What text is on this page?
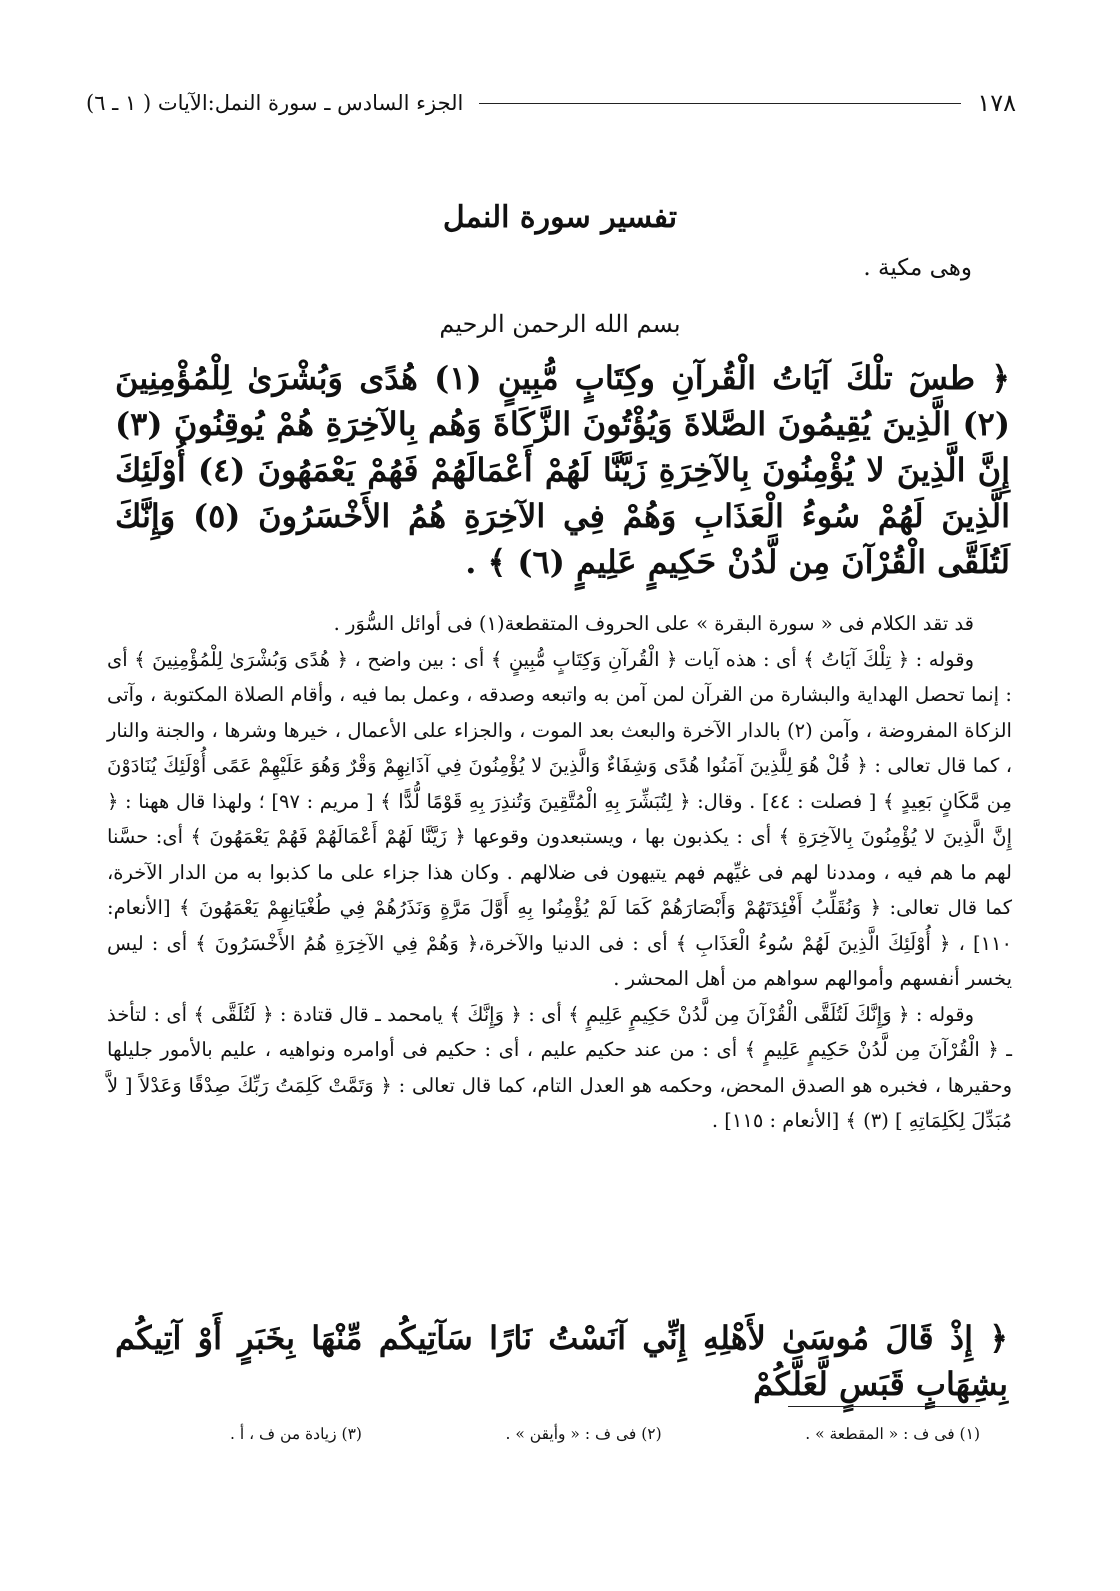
١٧٨
الجزء السادس ـ سورة النمل:الآيات ( ١ ـ ٦)
تفسير سورة النمل
وهى مكية .
بسم الله الرحمن الرحيم
﴿ طسٓ تلْكَ آيَاتُ الْقُرآنِ وكِتَابٍ مُّبِينٍ (١) هُدًى وَبُشْرَىٰ لِلْمُؤْمِنِينَ (٢) الَّذِينَ يُقِيمُونَ الصَّلاةَ وَيُؤْتُونَ الزَّكَاةَ وَهُم بِالآخِرَةِ هُمْ يُوقِنُونَ (٣) إِنَّ الَّذِينَ لا يُؤْمِنُونَ بِالآخِرَةِ زَيَّنَّا لَهُمْ أَعْمَالَهُمْ فَهُمْ يَعْمَهُونَ (٤) أُوْلَئِكَ الَّذِينَ لَهُمْ سُوءُ الْعَذَابِ وَهُمْ فِي الآخِرَةِ هُمُ الأَخْسَرُونَ (٥) وَإِنَّكَ لَتُلَقَّى الْقُرْآنَ مِن لَّدُنْ حَكِيمٍ عَلِيمٍ (٦) ﴾ .

قد تقد الكلام فى « سورة البقرة » على الحروف المتقطعة(١) فى أوائل السُّوَر .

وقوله : ﴿ تِلْكَ آيَاتُ ﴾ أى : هذه آيات ﴿ الْقُرآنِ وَكِتَابٍ مُّبِينٍ ﴾ أى : بين واضح ، ﴿ هُدًى وَبُشْرَىٰ لِلْمُؤْمِنِينَ ﴾ أى : إنما تحصل الهداية والبشارة من القرآن لمن آمن به واتبعه وصدقه ، وعمل بما فيه ، وأقام الصلاة المكتوبة ، وآتى الزكاة المفروضة ، وآمن (٢) بالدار الآخرة والبعث بعد الموت ، والجزاء على الأعمال ، خيرها وشرها ، والجنة والنار ، كما قال تعالى : ﴿ قُلْ هُوَ لِلَّذِينَ آمَنُوا هُدًى وَشِفَاءٌ وَالَّذِينَ لا يُؤْمِنُونَ فِي آذَانِهِمْ وَقْرٌ وَهُوَ عَلَيْهِمْ عَمًى أُوْلَئِكَ يُنَادَوْنَ مِن مَّكَانٍ بَعِيدٍ ﴾ [ فصلت : ٤٤] . وقال: ﴿ لِتُبَشِّرَ بِهِ الْمُتَّقِينَ وَتُنذِرَ بِهِ قَوْمًا لُّدًّا ﴾ [ مريم : ٩٧] ؛ ولهذا قال ههنا : ﴿ إِنَّ الَّذِينَ لا يُؤْمِنُونَ بِالآخِرَةِ ﴾ أى : يكذبون بها ، ويستبعدون وقوعها ﴿ زَيَّنَّا لَهُمْ أَعْمَالَهُمْ فَهُمْ يَعْمَهُونَ ﴾ أى: حسَّنا لهم ما هم فيه ، ومددنا لهم فى غيِّهم فهم يتيهون فى ضلالهم . وكان هذا جزاء على ما كذبوا به من الدار الآخرة، كما قال تعالى: ﴿ وَنُقَلِّبُ أَفْئِدَتَهُمْ وَأَبْصَارَهُمْ كَمَا لَمْ يُؤْمِنُوا بِهِ أَوَّلَ مَرَّةٍ وَنَذَرُهُمْ فِي طُغْيَانِهِمْ يَعْمَهُونَ ﴾ [الأنعام: ١١٠] ، ﴿ أُوْلَئِكَ الَّذِينَ لَهُمْ سُوءُ الْعَذَابِ ﴾ أى : فى الدنيا والآخرة،﴿ وَهُمْ فِي الآخِرَةِ هُمُ الأَخْسَرُونَ ﴾ أى : ليس يخسر أنفسهم وأموالهم سواهم من أهل المحشر .

وقوله : ﴿ وَإِنَّكَ لَتُلَقَّى الْقُرْآنَ مِن لَّدُنْ حَكِيمٍ عَلِيمٍ ﴾ أى : ﴿ وَإِنَّكَ ﴾ يامحمد ـ قال قتادة : ﴿ لَتُلَقَّى ﴾ أى : لتأخذ ـ ﴿ الْقُرْآنَ مِن لَّدُنْ حَكِيمٍ عَلِيمٍ ﴾ أى : من عند حكيم عليم ، أى : حكيم فى أوامره ونواهيه ، عليم بالأمور جليلها وحقيرها ، فخبره هو الصدق المحض، وحكمه هو العدل التام، كما قال تعالى : ﴿ وَتَمَّتْ كَلِمَتُ رَبِّكَ صِدْقًا وَعَدْلاً [ لاَّ مُبَدِّلَ لِكَلِمَاتِهِ ] (٣) ﴾ [الأنعام : ١١٥] .

﴿ إِذْ قَالَ مُوسَىٰ لأَهْلِهِ إِنِّي آنَسْتُ نَارًا سَآتِيكُم مِّنْهَا بِخَبَرٍ أَوْ آتِيكُم بِشِهَابٍ قَبَسٍ لَّعَلَّكُمْ
(١) فى ف : « المقطعة » .
(٢) فى ف : « وأيقن » .
(٣) زيادة من ف ، أ .
